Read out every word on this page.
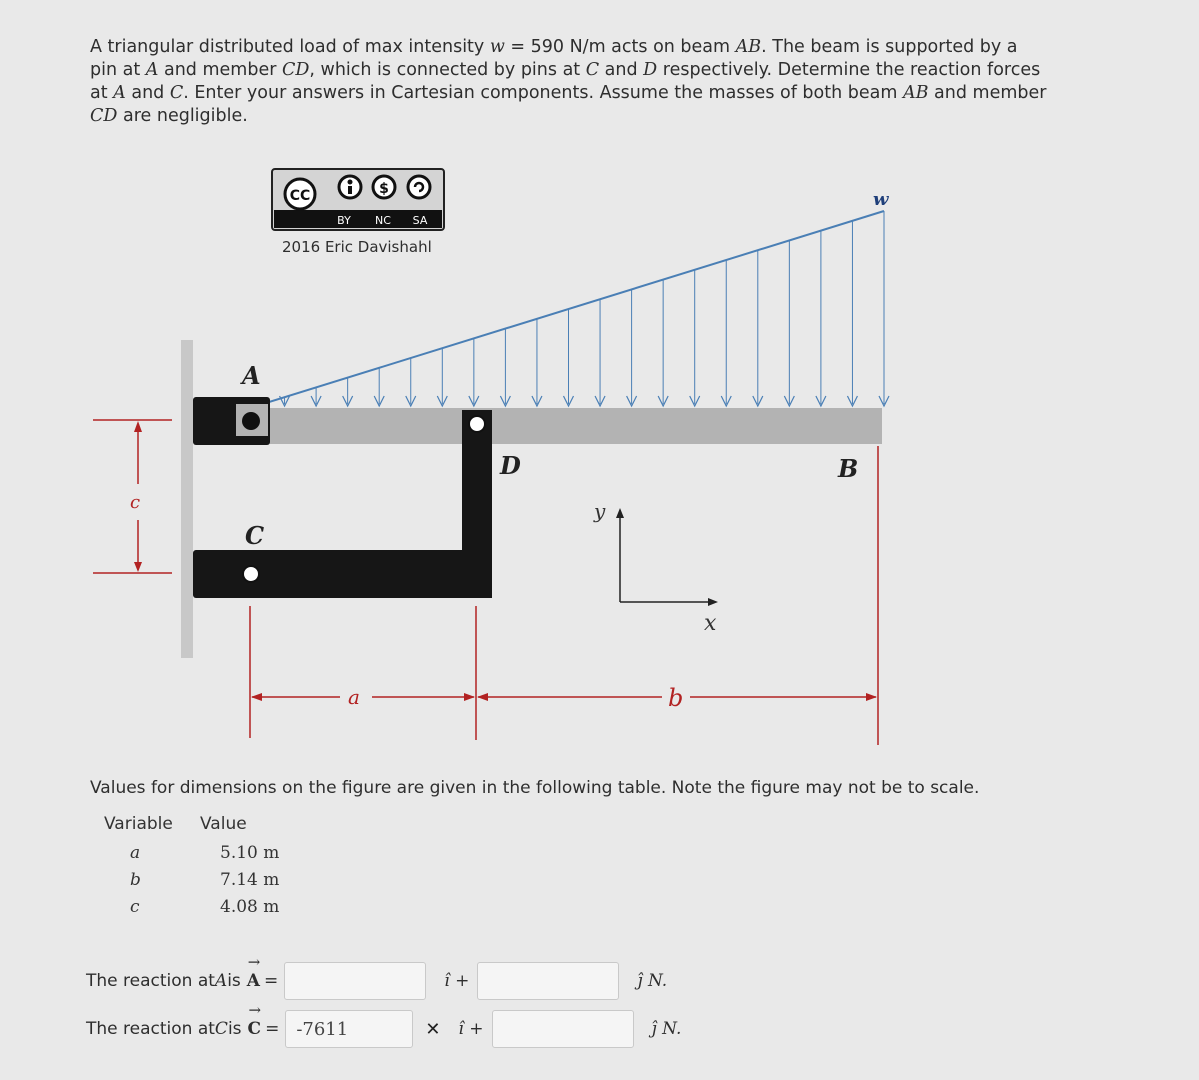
A triangular distributed load of max intensity w = 590 N/m acts on beam AB. The beam is supported by a pin at A and member CD, which is connected by pins at C and D respectively. Determine the reaction forces at A and C. Enter your answers in Cartesian components. Assume the masses of both beam AB and member CD are negligible.
CC	$
BY NC SA
2016 Eric Davishahl
A
C
D	B
w
y
x
c
a	b
Values for dimensions on the figure are given in the following table. Note the figure may not be to scale.
Variable	Value
a	5.10 m
b	7.14 m
c	4.08 m
The reaction at A is → A =	î +	ĵ N.
The reaction at C is → C =
-7611	✕ î +	ĵ N.
